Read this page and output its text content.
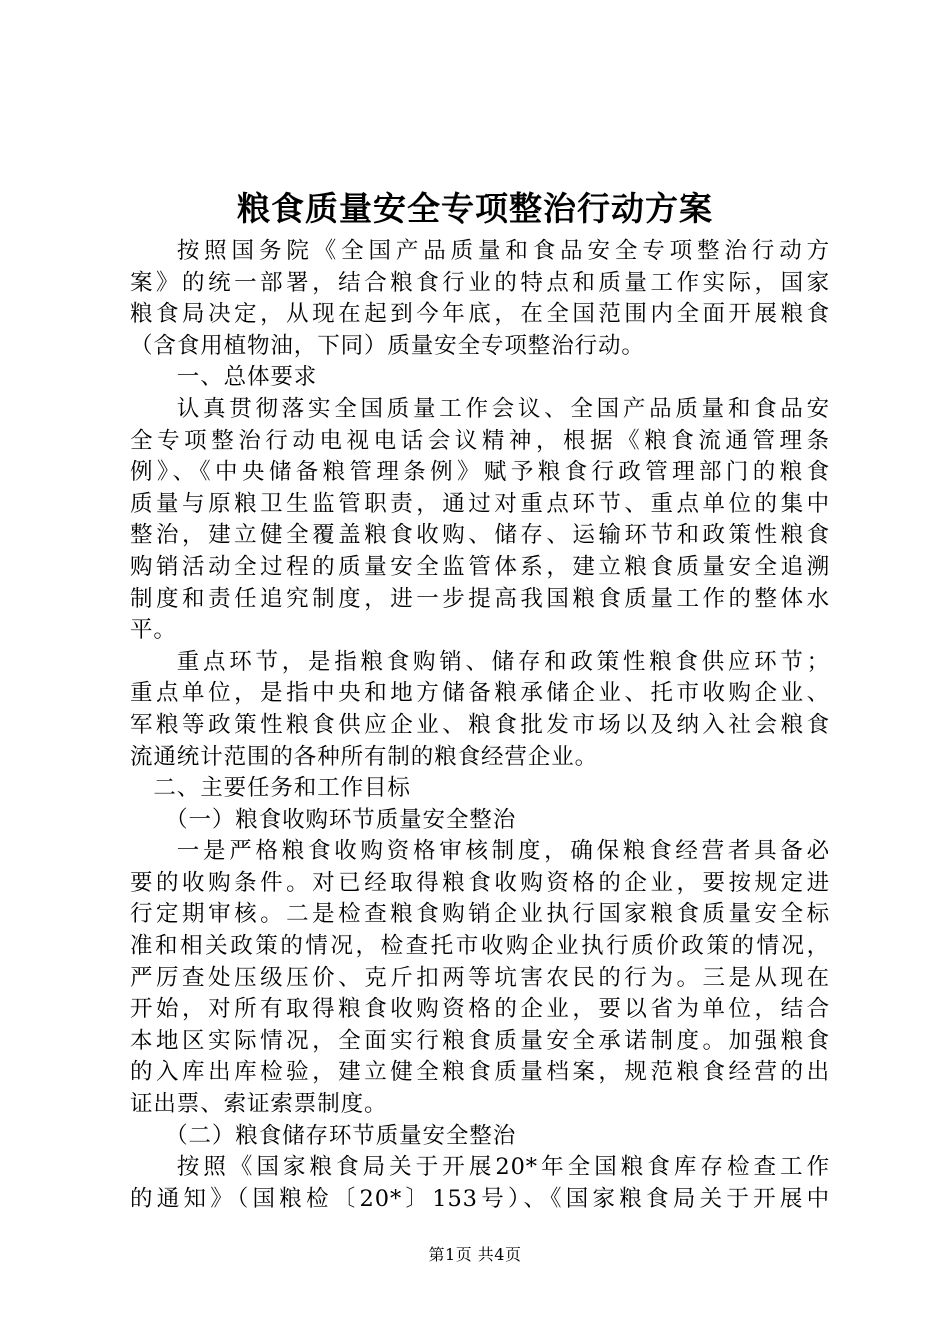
粮食质量安全专项整治行动方案
按照国务院《全国产品质量和食品安全专项整治行动方
案》的统一部署，结合粮食行业的特点和质量工作实际，国家
粮食局决定，从现在起到今年底，在全国范围内全面开展粮食
（含食用植物油，下同）质量安全专项整治行动。
一、总体要求
认真贯彻落实全国质量工作会议、全国产品质量和食品安
全专项整治行动电视电话会议精神，根据《粮食流通管理条
例》、《中央储备粮管理条例》赋予粮食行政管理部门的粮食
质量与原粮卫生监管职责，通过对重点环节、重点单位的集中
整治，建立健全覆盖粮食收购、储存、运输环节和政策性粮食
购销活动全过程的质量安全监管体系，建立粮食质量安全追溯
制度和责任追究制度，进一步提高我国粮食质量工作的整体水
平。
重点环节，是指粮食购销、储存和政策性粮食供应环节；
重点单位，是指中央和地方储备粮承储企业、托市收购企业、
军粮等政策性粮食供应企业、粮食批发市场以及纳入社会粮食
流通统计范围的各种所有制的粮食经营企业。
二、主要任务和工作目标
（一）粮食收购环节质量安全整治
一是严格粮食收购资格审核制度，确保粮食经营者具备必
要的收购条件。对已经取得粮食收购资格的企业，要按规定进
行定期审核。二是检查粮食购销企业执行国家粮食质量安全标
准和相关政策的情况，检查托市收购企业执行质价政策的情况，
严厉查处压级压价、克斤扣两等坑害农民的行为。三是从现在
开始，对所有取得粮食收购资格的企业，要以省为单位，结合
本地区实际情况，全面实行粮食质量安全承诺制度。加强粮食
的入库出库检验，建立健全粮食质量档案，规范粮食经营的出
证出票、索证索票制度。
（二）粮食储存环节质量安全整治
按照《国家粮食局关于开展20*年全国粮食库存检查工作
的通知》（国粮检〔20*〕153号）、《国家粮食局关于开展中
第1页 共4页
